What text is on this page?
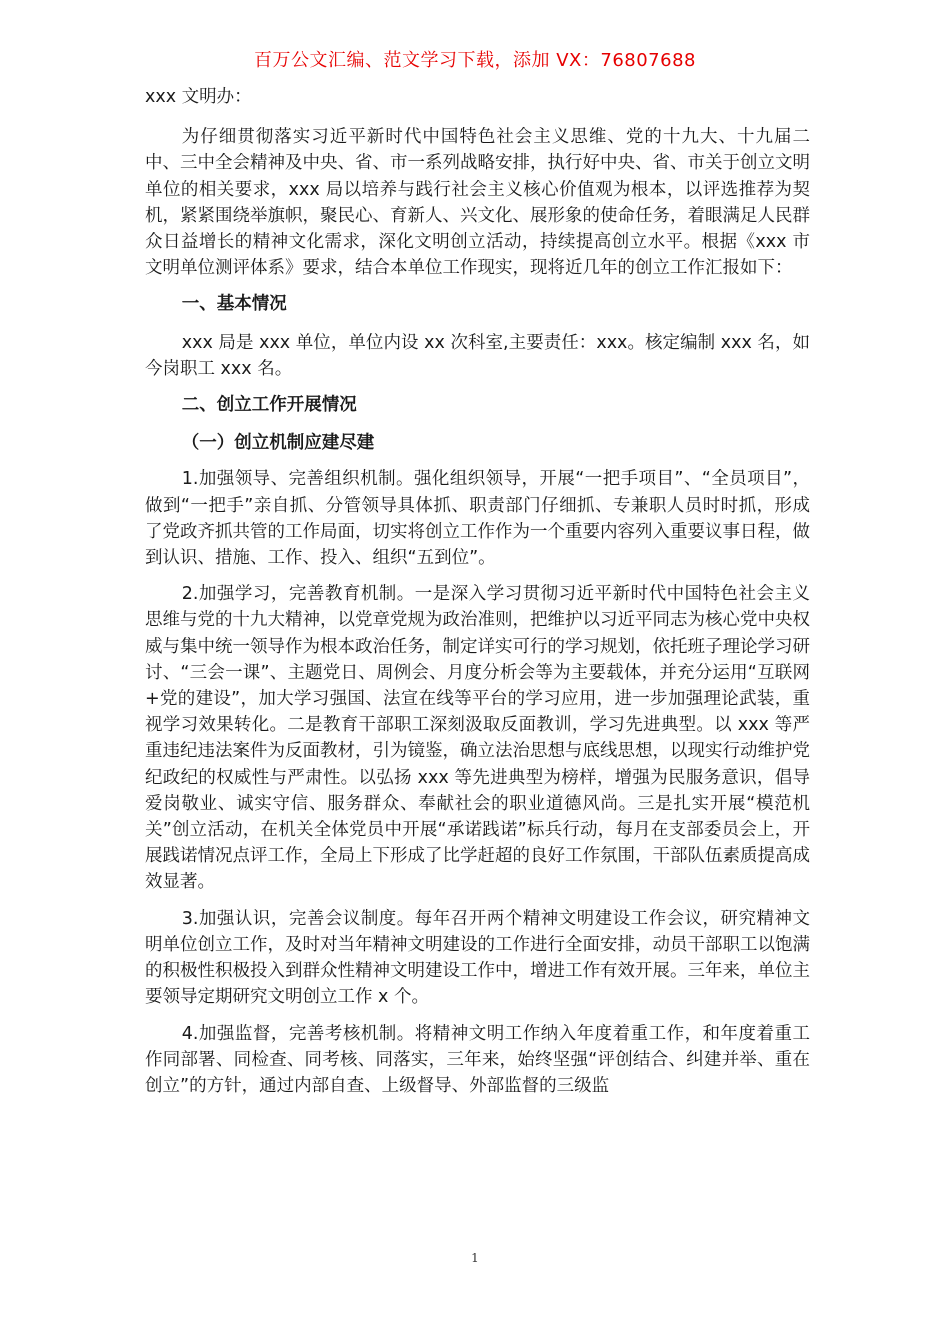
百万公文汇编、范文学习下载，添加 VX：76807688

xxx 文明办：

为仔细贯彻落实习近平新时代中国特色社会主义思维、党的十九大、十九届二中、三中全会精神及中央、省、市一系列战略安排，执行好中央、省、市关于创立文明单位的相关要求，xxx 局以培养与践行社会主义核心价值观为根本，以评选推荐为契机，紧紧围绕举旗帜，聚民心、育新人、兴文化、展形象的使命任务，着眼满足人民群众日益增长的精神文化需求，深化文明创立活动，持续提高创立水平。根据《xxx 市文明单位测评体系》要求，结合本单位工作现实，现将近几年的创立工作汇报如下：

一、基本情况

xxx 局是 xxx 单位，单位内设 xx 次科室,主要责任：xxx。核定编制 xxx 名，如今岗职工 xxx 名。

二、创立工作开展情况
（一）创立机制应建尽建

1.加强领导、完善组织机制。强化组织领导，开展“一把手项目”、“全员项目”，做到“一把手”亲自抓、分管领导具体抓、职责部门仔细抓、专兼职人员时时抓，形成了党政齐抓共管的工作局面，切实将创立工作作为一个重要内容列入重要议事日程，做到认识、措施、工作、投入、组织“五到位”。

2.加强学习，完善教育机制。一是深入学习贯彻习近平新时代中国特色社会主义思维与党的十九大精神，以党章党规为政治准则，把维护以习近平同志为核心党中央权威与集中统一领导作为根本政治任务，制定详实可行的学习规划，依托班子理论学习研讨、“三会一课”、主题党日、周例会、月度分析会等为主要载体，并充分运用“互联网+党的建设”，加大学习强国、法宣在线等平台的学习应用，进一步加强理论武装，重视学习效果转化。二是教育干部职工深刻汲取反面教训，学习先进典型。以 xxx 等严重违纪违法案件为反面教材，引为镜鉴，确立法治思想与底线思想，以现实行动维护党纪政纪的权威性与严肃性。以弘扬 xxx 等先进典型为榜样，增强为民服务意识，倡导爱岗敬业、诚实守信、服务群众、奉献社会的职业道德风尚。三是扎实开展“模范机关”创立活动，在机关全体党员中开展“承诺践诺”标兵行动，每月在支部委员会上，开展践诺情况点评工作，全局上下形成了比学赶超的良好工作氛围，干部队伍素质提高成效显著。

3.加强认识，完善会议制度。每年召开两个精神文明建设工作会议，研究精神文明单位创立工作，及时对当年精神文明建设的工作进行全面安排，动员干部职工以饱满的积极性积极投入到群众性精神文明建设工作中，增进工作有效开展。三年来，单位主要领导定期研究文明创立工作 x 个。

4.加强监督，完善考核机制。将精神文明工作纳入年度着重工作，和年度着重工作同部署、同检查、同考核、同落实，三年来，始终坚强“评创结合、纠建并举、重在创立”的方针，通过内部自查、上级督导、外部监督的三级监

1
